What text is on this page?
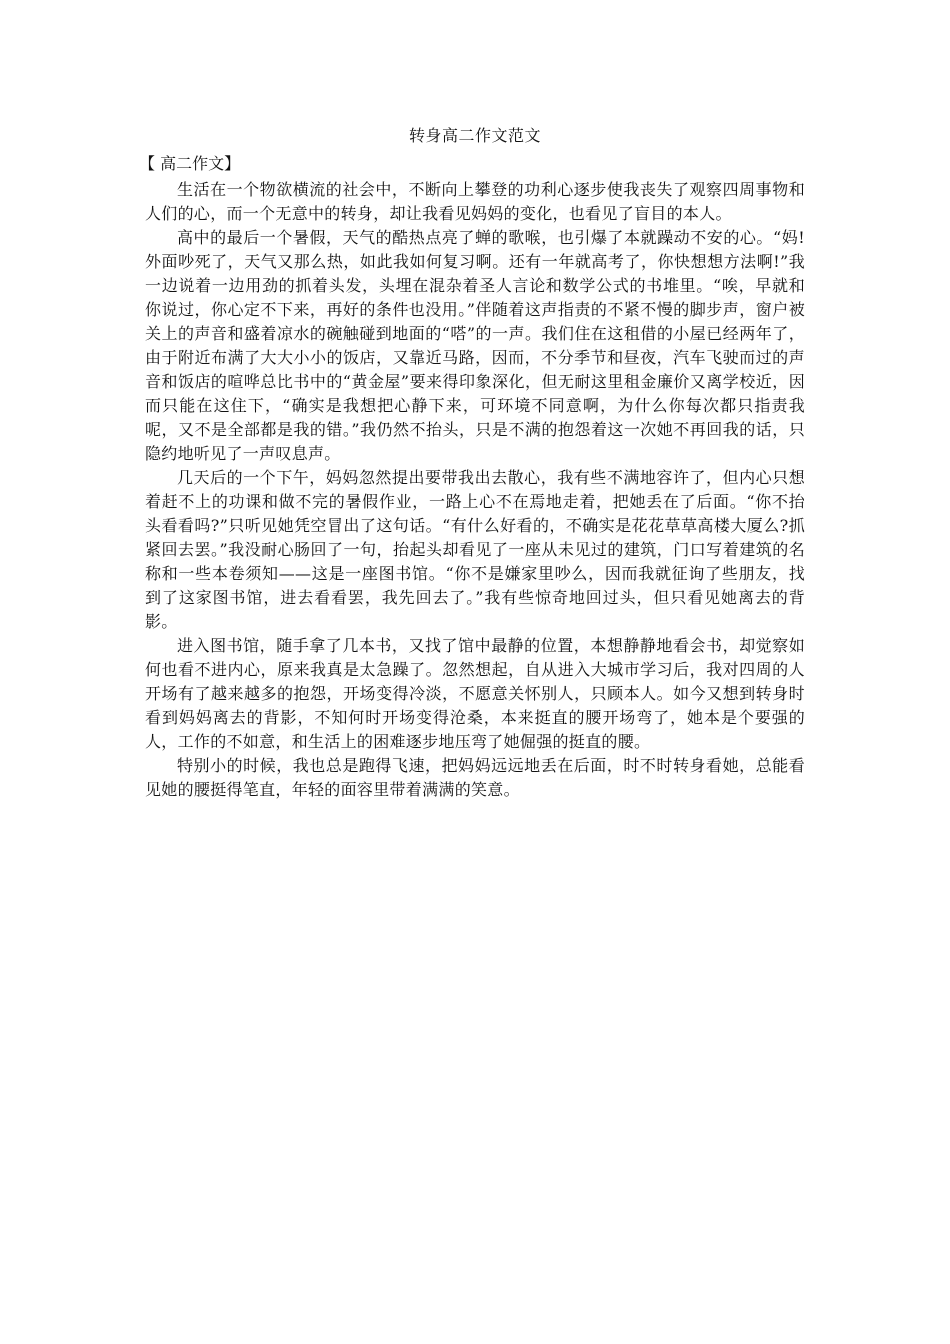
转身高二作文范文
【 高二作文】

生活在一个物欲横流的社会中，不断向上攀登的功利心逐步使我丧失了观察四周事物和人们的心，而一个无意中的转身，却让我看见妈妈的变化，也看见了盲目的本人。

高中的最后一个暑假，天气的酷热点亮了蝉的歌喉，也引爆了本就躁动不安的心。“妈!外面吵死了，天气又那么热，如此我如何复习啊。还有一年就高考了，你快想想方法啊!”我一边说着一边用劲的抓着头发，头埋在混杂着圣人言论和数学公式的书堆里。“唉，早就和你说过，你心定不下来，再好的条件也没用。”伴随着这声指责的不紧不慢的脚步声，窗户被关上的声音和盛着凉水的碗触碰到地面的“嗒”的一声。我们住在这租借的小屋已经两年了，由于附近布满了大大小小的饭店，又靠近马路，因而，不分季节和昼夜，汽车飞驶而过的声音和饭店的喧哗总比书中的“黄金屋”要来得印象深化，但无耐这里租金廉价又离学校近，因而只能在这住下，“确实是我想把心静下来，可环境不同意啊，为什么你每次都只指责我呢，又不是全部都是我的错。”我仍然不抬头，只是不满的抱怨着这一次她不再回我的话，只隐约地听见了一声叹息声。

几天后的一个下午，妈妈忽然提出要带我出去散心，我有些不满地容许了，但内心只想着赶不上的功课和做不完的暑假作业，一路上心不在焉地走着，把她丢在了后面。“你不抬头看看吗?”只听见她凭空冒出了这句话。“有什么好看的，不确实是花花草草高楼大厦么?抓紧回去罢。”我没耐心肠回了一句，抬起头却看见了一座从未见过的建筑，门口写着建筑的名称和一些本卷须知——这是一座图书馆。“你不是嫌家里吵么，因而我就征询了些朋友，找到了这家图书馆，进去看看罢，我先回去了。”我有些惊奇地回过头，但只看见她离去的背影。

进入图书馆，随手拿了几本书，又找了馆中最静的位置，本想静静地看会书，却觉察如何也看不进内心，原来我真是太急躁了。忽然想起，自从进入大城市学习后，我对四周的人开场有了越来越多的抱怨，开场变得冷淡，不愿意关怀别人，只顾本人。如今又想到转身时看到妈妈离去的背影，不知何时开场变得沧桑，本来挺直的腰开场弯了，她本是个要强的人，工作的不如意，和生活上的困难逐步地压弯了她倔强的挺直的腰。

特别小的时候，我也总是跑得飞速，把妈妈远远地丢在后面，时不时转身看她，总能看见她的腰挺得笔直，年轻的面容里带着满满的笑意。
